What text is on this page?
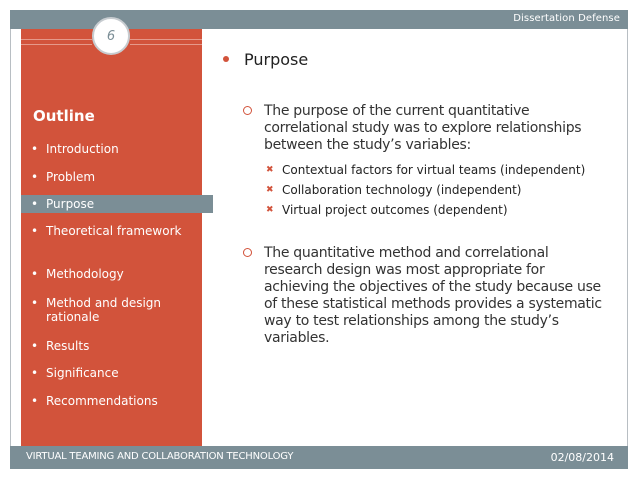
Dissertation Defense
6
Outline
• Introduction
• Problem
• Purpose
• Theoretical framework
• Methodology
• Method and design rationale
• Results
• Significance
• Recommendations
Purpose
The purpose of the current quantitative correlational study was to explore relationships between the study’s variables:
✖ Contextual factors for virtual teams (independent)
✖ Collaboration technology (independent)
✖ Virtual project outcomes (dependent)
The quantitative method and correlational research design was most appropriate for achieving the objectives of the study because use of these statistical methods provides a systematic way to test relationships among the study’s variables.
VIRTUAL TEAMING AND COLLABORATION TECHNOLOGY	02/08/2014
